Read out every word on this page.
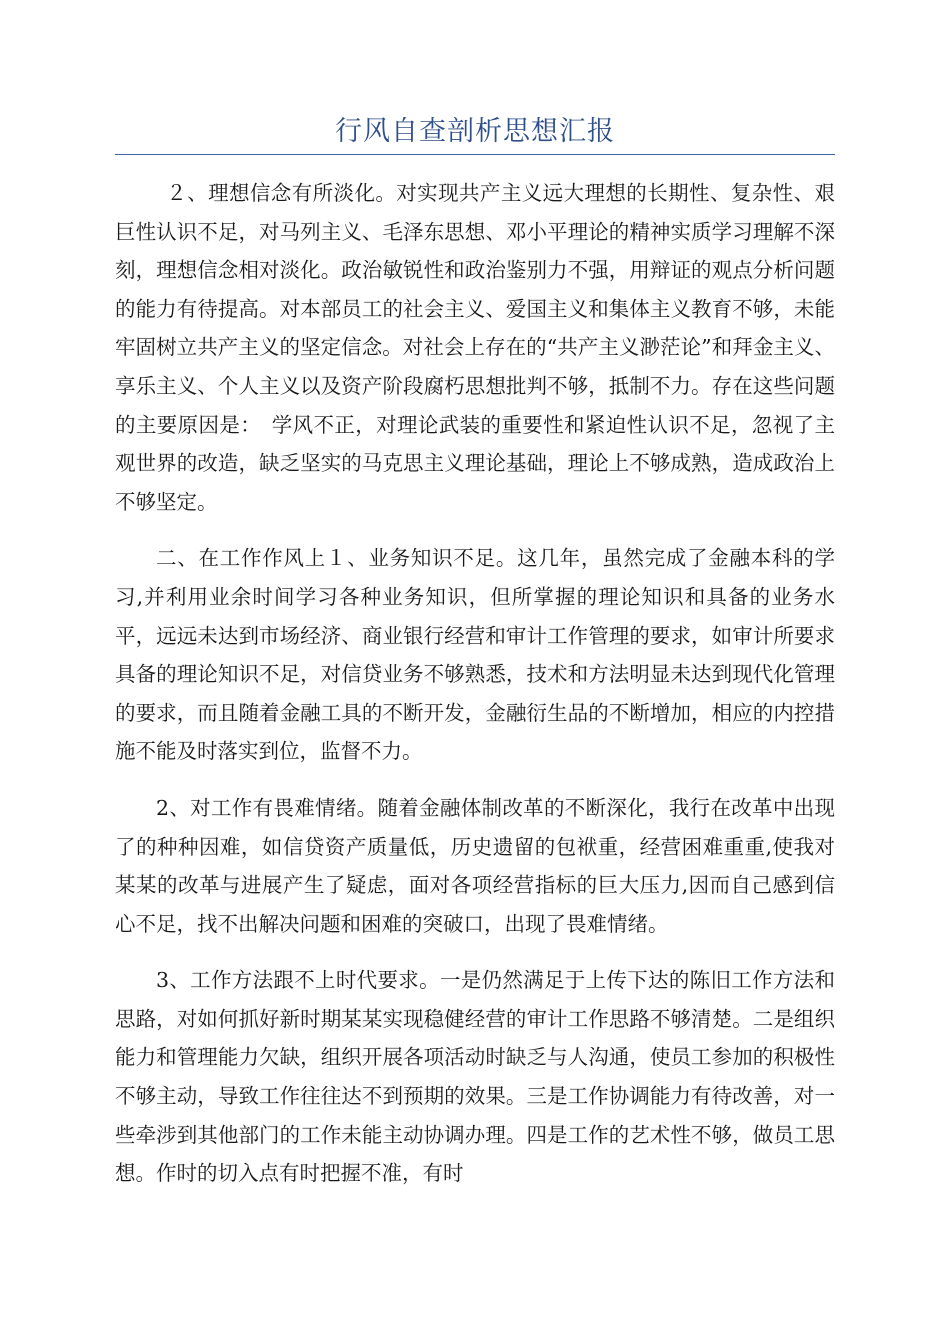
行风自查剖析思想汇报

２、理想信念有所淡化。对实现共产主义远大理想的长期性、复杂性、艰巨性认识不足，对马列主义、毛泽东思想、邓小平理论的精神实质学习理解不深刻，理想信念相对淡化。政治敏锐性和政治鉴别力不强，用辩证的观点分析问题的能力有待提高。对本部员工的社会主义、爱国主义和集体主义教育不够，未能牢固树立共产主义的坚定信念。对社会上存在的“共产主义渺茫论”和拜金主义、享乐主义、个人主义以及资产阶段腐朽思想批判不够，抵制不力。存在这些问题的主要原因是：　学风不正，对理论武装的重要性和紧迫性认识不足，忽视了主观世界的改造，缺乏坚实的马克思主义理论基础，理论上不够成熟，造成政治上不够坚定。

二、在工作作风上１、业务知识不足。这几年，虽然完成了金融本科的学习,并利用业余时间学习各种业务知识，但所掌握的理论知识和具备的业务水平，远远未达到市场经济、商业银行经营和审计工作管理的要求，如审计所要求具备的理论知识不足，对信贷业务不够熟悉，技术和方法明显未达到现代化管理的要求，而且随着金融工具的不断开发，金融衍生品的不断增加，相应的内控措施不能及时落实到位，监督不力。

2、对工作有畏难情绪。随着金融体制改革的不断深化，我行在改革中出现了的种种因难，如信贷资产质量低，历史遗留的包袱重，经营困难重重,使我对某某的改革与进展产生了疑虑，面对各项经营指标的巨大压力,因而自己感到信心不足，找不出解决问题和困难的突破口，出现了畏难情绪。

3、工作方法跟不上时代要求。一是仍然满足于上传下达的陈旧工作方法和思路，对如何抓好新时期某某实现稳健经营的审计工作思路不够清楚。二是组织能力和管理能力欠缺，组织开展各项活动时缺乏与人沟通，使员工参加的积极性不够主动，导致工作往往达不到预期的效果。三是工作协调能力有待改善，对一些牵涉到其他部门的工作未能主动协调办理。四是工作的艺术性不够，做员工思想。作时的切入点有时把握不准，有时
